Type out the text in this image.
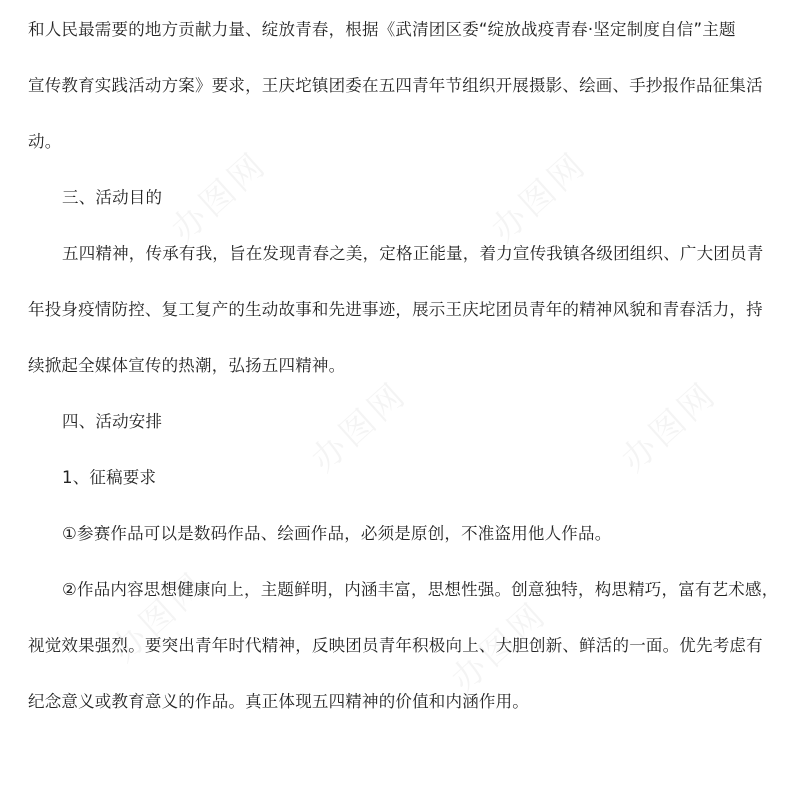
和人民最需要的地方贡献力量、绽放青春，根据《武清团区委“绽放战疫青春·坚定制度自信”主题
宣传教育实践活动方案》要求，王庆坨镇团委在五四青年节组织开展摄影、绘画、手抄报作品征集活
动。
三、活动目的
五四精神，传承有我，旨在发现青春之美，定格正能量，着力宣传我镇各级团组织、广大团员青
年投身疫情防控、复工复产的生动故事和先进事迹，展示王庆坨团员青年的精神风貌和青春活力，持
续掀起全媒体宣传的热潮，弘扬五四精神。
四、活动安排
1、征稿要求
①参赛作品可以是数码作品、绘画作品，必须是原创，不准盗用他人作品。
②作品内容思想健康向上，主题鲜明，内涵丰富，思想性强。创意独特，构思精巧，富有艺术感，
视觉效果强烈。要突出青年时代精神，反映团员青年积极向上、大胆创新、鲜活的一面。优先考虑有
纪念意义或教育意义的作品。真正体现五四精神的价值和内涵作用。
